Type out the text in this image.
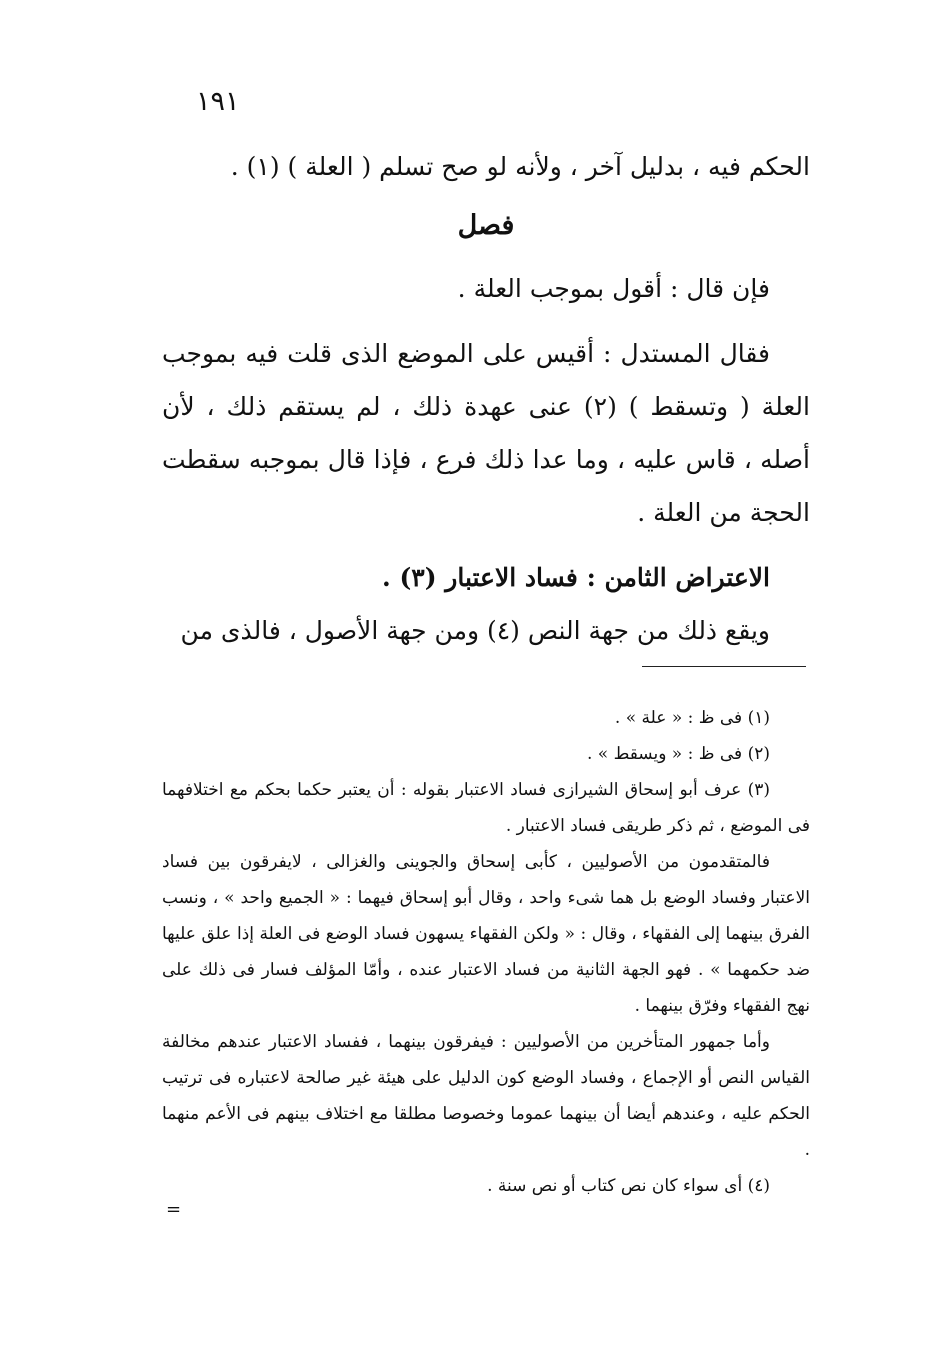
١٩١

الحكم فيه ، بدليل آخر ، ولأنه لو صح تسلم ( العلة ) (١) .

فصل

فإن قال : أقول بموجب العلة .

فقال المستدل : أقيس على الموضع الذى قلت فيه بموجب العلة ( وتسقط ) (٢) عنى عهدة ذلك ، لم يستقم ذلك ، لأن أصله ، قاس عليه ، وما عدا ذلك فرع ، فإذا قال بموجبه سقطت الحجة من العلة .

الاعتراض الثامن : فساد الاعتبار (٣) .

ويقع ذلك من جهة النص (٤) ومن جهة الأصول ، فالذى من

(١) فى ظ : « علة » .

(٢) فى ظ : « ويسقط » .

(٣) عرف أبو إسحاق الشيرازى فساد الاعتبار بقوله : أن يعتبر حكما بحكم مع اختلافهما فى الموضع ، ثم ذكر طريقى فساد الاعتبار .

فالمتقدمون من الأصوليين ، كأبى إسحاق والجوينى والغزالى ، لايفرقون بين فساد الاعتبار وفساد الوضع بل هما شىء واحد ، وقال أبو إسحاق فيهما : « الجميع واحد » ، ونسب الفرق بينهما إلى الفقهاء ، وقال : « ولكن الفقهاء يسهون فساد الوضع فى العلة إذا علق عليها ضد حكمهما » . فهو الجهة الثانية من فساد الاعتبار عنده ، وأمّا المؤلف فسار فى ذلك على نهج الفقهاء وفرّق بينهما .

وأما جمهور المتأخرين من الأصوليين : فيفرقون بينهما ، ففساد الاعتبار عندهم مخالفة القياس النص أو الإجماع ، وفساد الوضع كون الدليل على هيئة غير صالحة لاعتباره فى ترتيب الحكم عليه ، وعندهم أيضا أن بينهما عموما وخصوصا مطلقا مع اختلاف بينهم فى الأعم منهما .

(٤) أى سواء كان نص كتاب أو نص سنة .

=
